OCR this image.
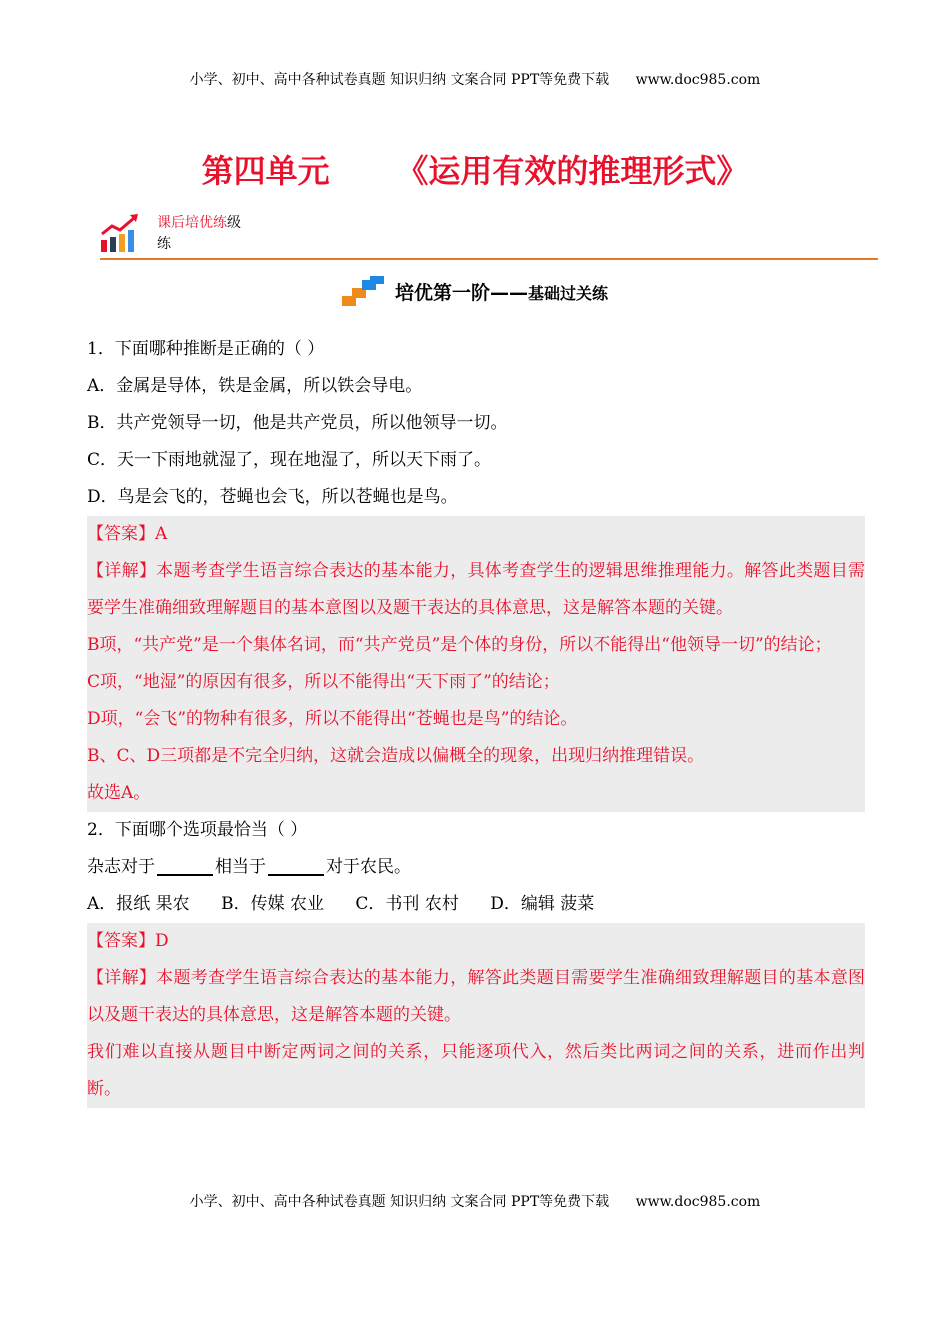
小学、初中、高中各种试卷真题 知识归纳 文案合同 PPT等免费下载 www.doc985.com
第四单元      《运用有效的推理形式》
课后培优练级
练
培优第一阶——基础过关练
1．下面哪种推断是正确的（ ）
A．金属是导体，铁是金属，所以铁会导电。
B．共产党领导一切，他是共产党员，所以他领导一切。
C．天一下雨地就湿了，现在地湿了，所以天下雨了。
D．鸟是会飞的，苍蝇也会飞，所以苍蝇也是鸟。
【答案】A
【详解】本题考查学生语言综合表达的基本能力，具体考查学生的逻辑思维推理能力。解答此类题目需要学生准确细致理解题目的基本意图以及题干表达的具体意思，这是解答本题的关键。
B项，“共产党”是一个集体名词，而“共产党员”是个体的身份，所以不能得出“他领导一切”的结论；
C项，“地湿”的原因有很多，所以不能得出“天下雨了”的结论；
D项，“会飞”的物种有很多，所以不能得出“苍蝇也是鸟”的结论。
B、C、D三项都是不完全归纳，这就会造成以偏概全的现象，出现归纳推理错误。
故选A。
2．下面哪个选项最恰当（ ）
杂志对于	相当于	对于农民。
A．报纸 果农 B．传媒 农业 C．书刊 农村 D．编辑 菠菜
【答案】D
【详解】本题考查学生语言综合表达的基本能力，解答此类题目需要学生准确细致理解题目的基本意图以及题干表达的具体意思，这是解答本题的关键。
我们难以直接从题目中断定两词之间的关系，只能逐项代入，然后类比两词之间的关系，进而作出判断。
小学、初中、高中各种试卷真题 知识归纳 文案合同 PPT等免费下载 www.doc985.com
